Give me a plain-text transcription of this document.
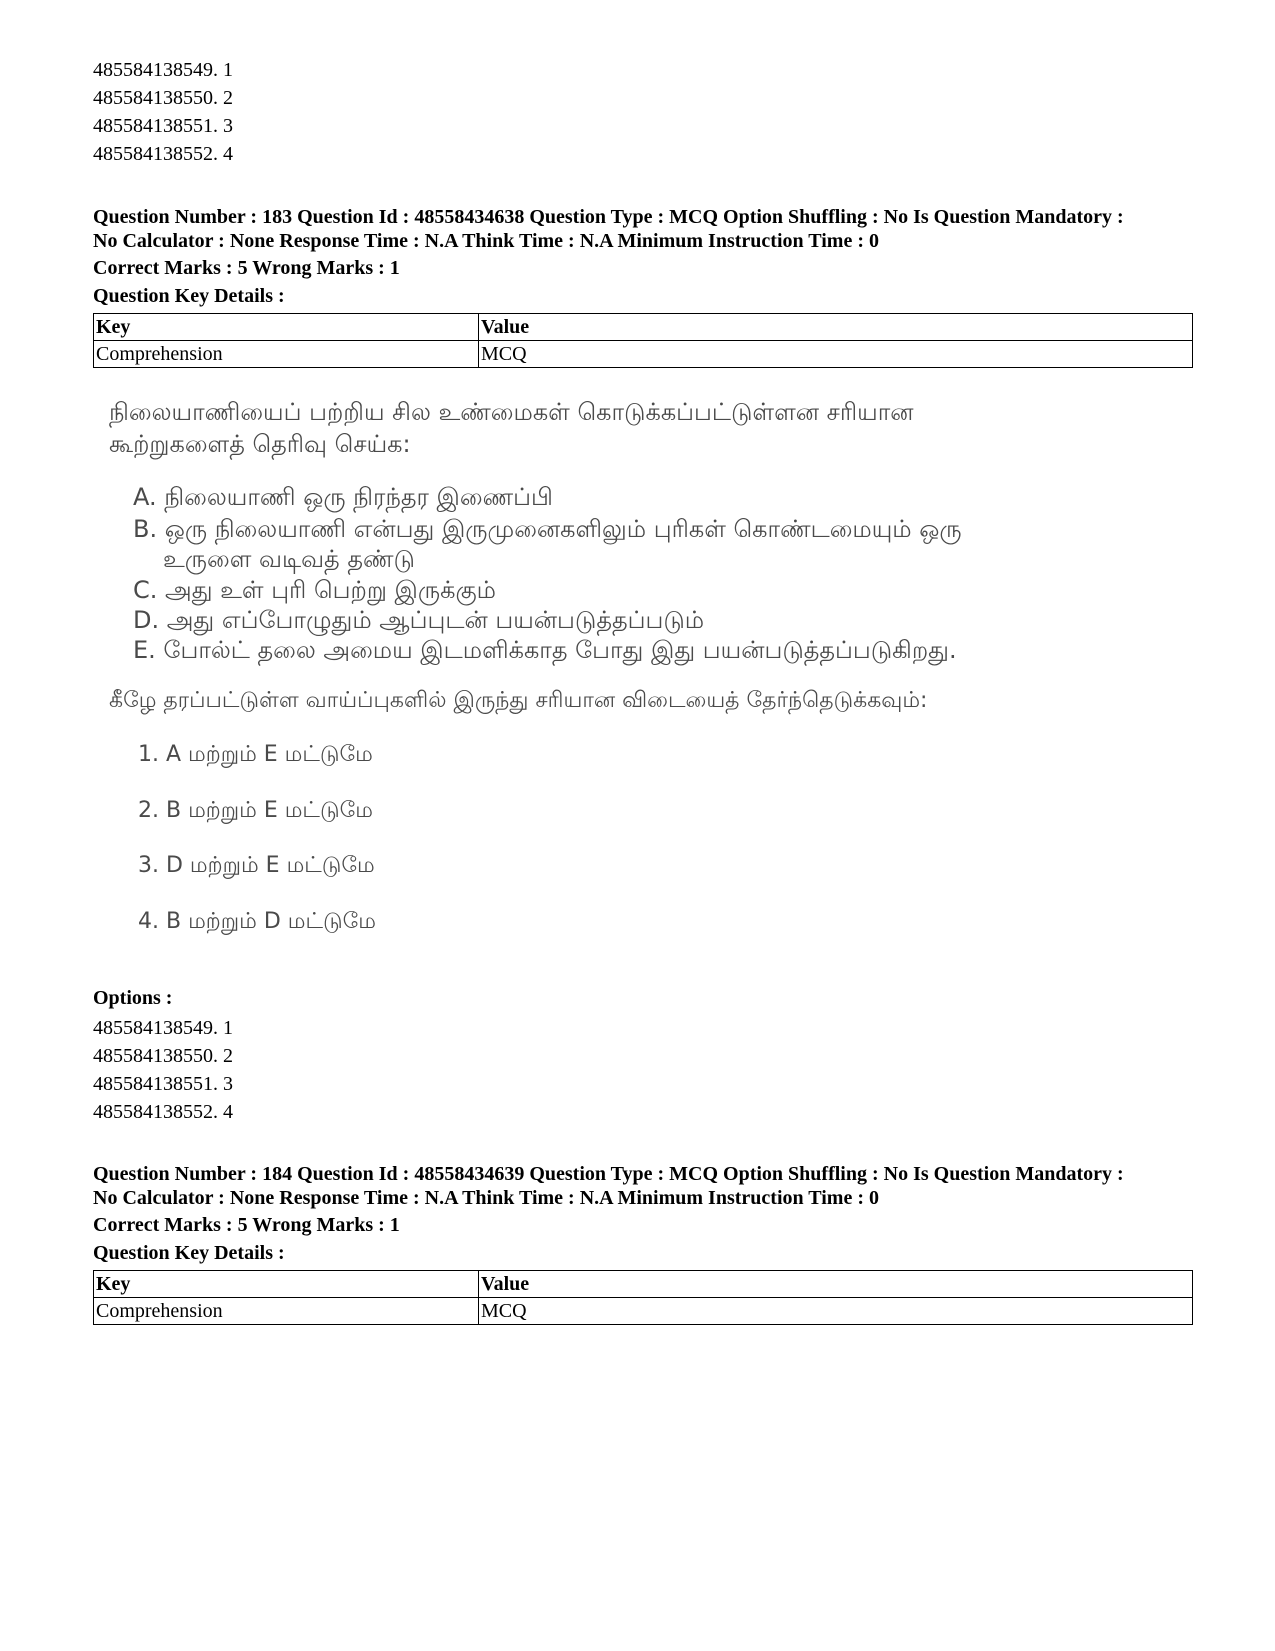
485584138549. 1
485584138550. 2
485584138551. 3
485584138552. 4
Question Number : 183 Question Id : 48558434638 Question Type : MCQ Option Shuffling : No Is Question Mandatory :
No Calculator : None Response Time : N.A Think Time : N.A Minimum Instruction Time : 0
Correct Marks : 5 Wrong Marks : 1
Question Key Details :
Key	Value
Comprehension	MCQ
நிலையாணியைப் பற்றிய சில உண்மைகள் கொடுக்கப்பட்டுள்ளன சரியான
கூற்றுகளைத் தெரிவு செய்க:
A. நிலையாணி ஒரு நிரந்தர இணைப்பி
B. ஒரு நிலையாணி என்பது இருமுனைகளிலும் புரிகள் கொண்டமையும் ஒரு
உருளை வடிவத் தண்டு
C. அது உள் புரி பெற்று இருக்கும்
D. அது எப்போழுதும் ஆப்புடன் பயன்படுத்தப்படும்
E. போல்ட் தலை அமைய இடமளிக்காத போது இது பயன்படுத்தப்படுகிறது.
கீழே தரப்பட்டுள்ள வாய்ப்புகளில் இருந்து சரியான விடையைத் தேர்ந்தெடுக்கவும்:
1. A மற்றும் E மட்டுமே
2. B மற்றும் E மட்டுமே
3. D மற்றும் E மட்டுமே
4. B மற்றும் D மட்டுமே
Options :
485584138549. 1
485584138550. 2
485584138551. 3
485584138552. 4
Question Number : 184 Question Id : 48558434639 Question Type : MCQ Option Shuffling : No Is Question Mandatory :
No Calculator : None Response Time : N.A Think Time : N.A Minimum Instruction Time : 0
Correct Marks : 5 Wrong Marks : 1
Question Key Details :
Key	Value
Comprehension	MCQ
